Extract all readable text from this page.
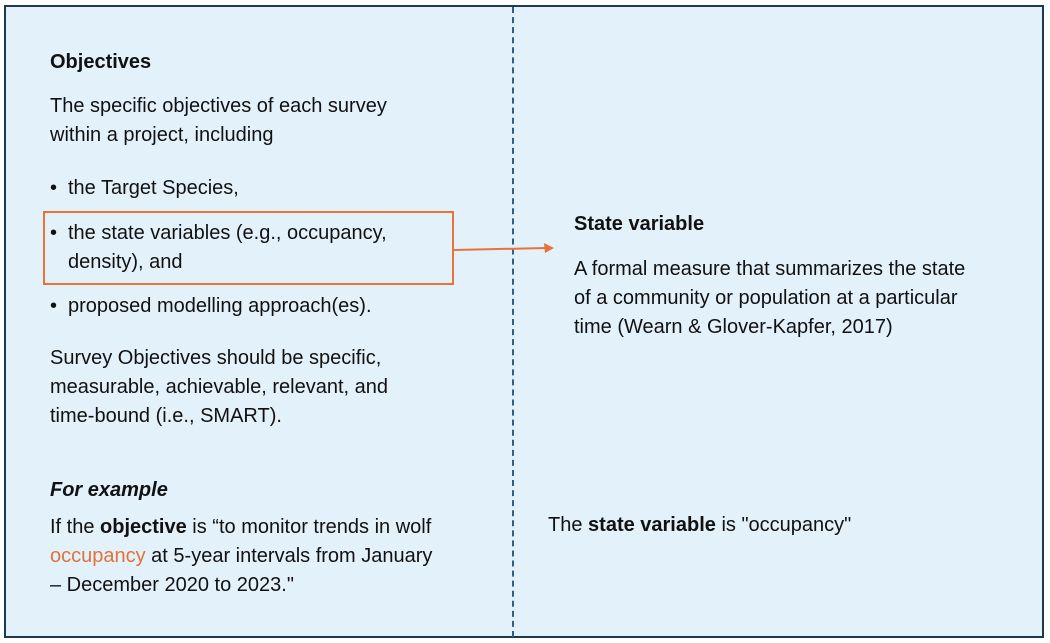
Objectives
The specific objectives of each survey
within a project, including
• the Target Species,
• the state variables (e.g., occupancy,
density), and
• proposed modelling approach(es).
Survey Objectives should be specific,
measurable, achievable, relevant, and
time-bound (i.e., SMART).
For example
If the objective is “to monitor trends in wolf
occupancy at 5-year intervals from January
– December 2020 to 2023."
State variable
A formal measure that summarizes the state
of a community or population at a particular
time (Wearn & Glover-Kapfer, 2017)
The state variable is "occupancy"
